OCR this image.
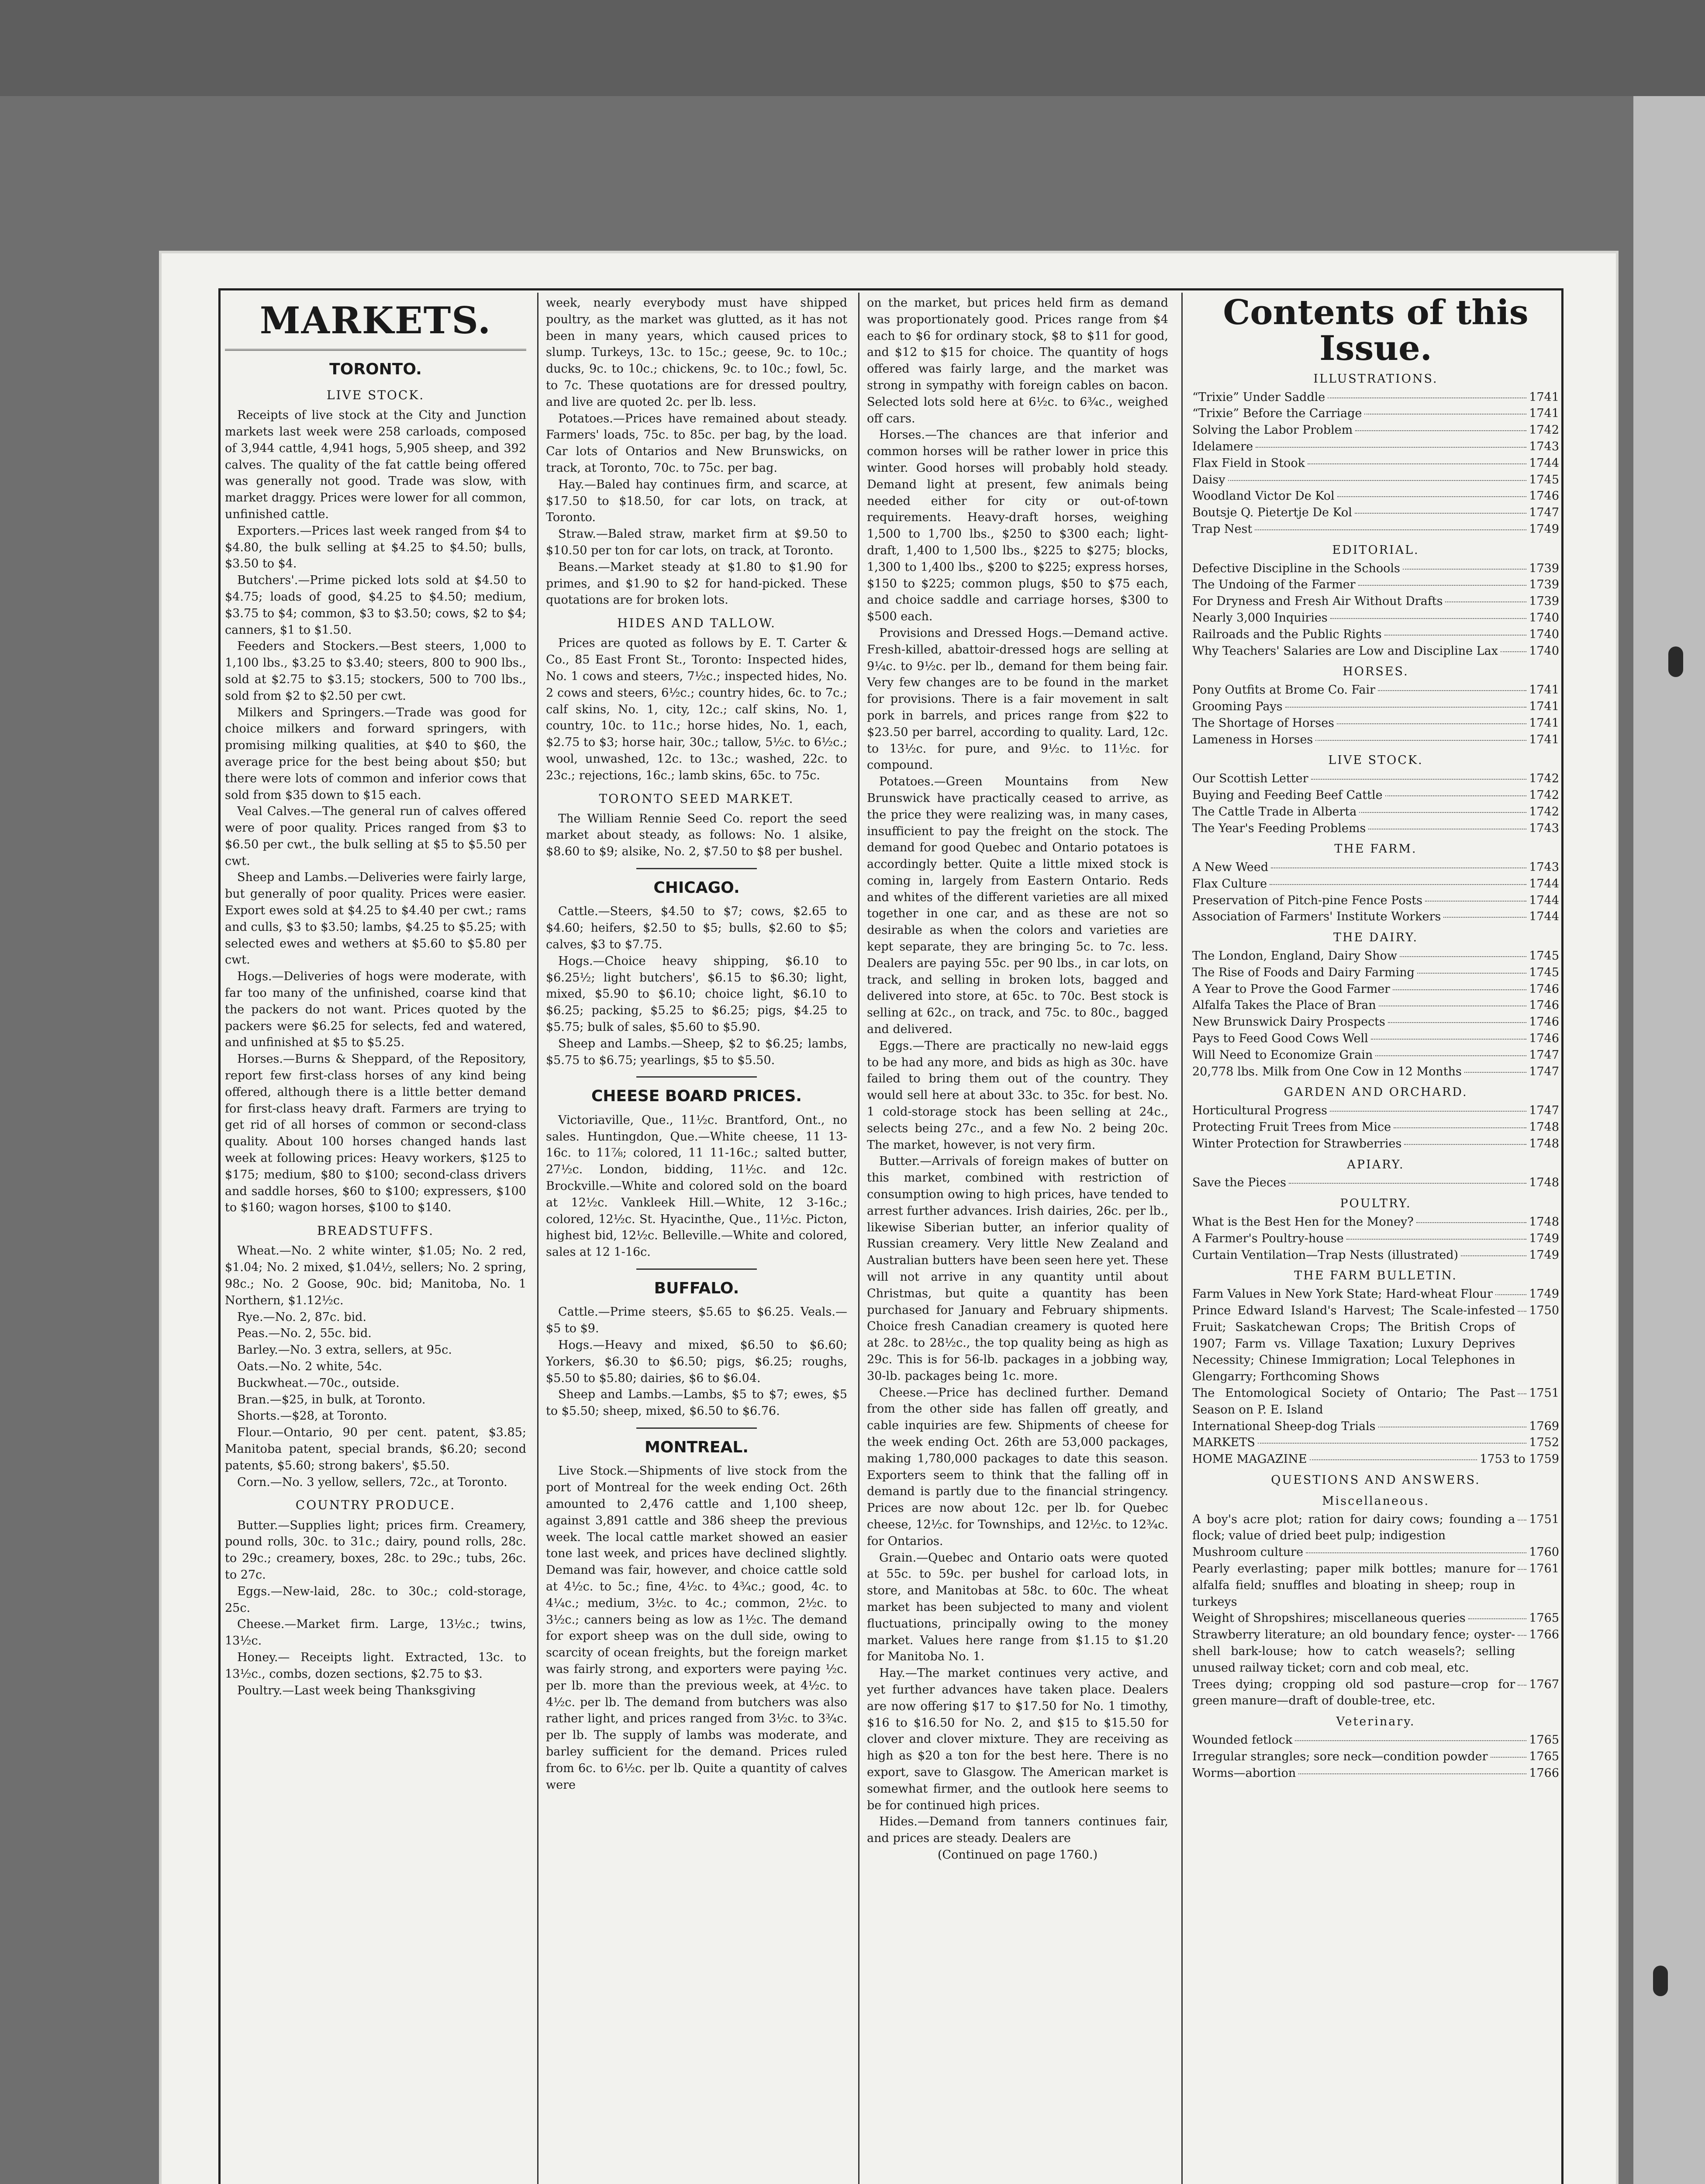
MARKETS.
TORONTO.
LIVE STOCK.

Receipts of live stock at the City and Junction markets last week were 258 carloads, composed of 3,944 cattle, 4,941 hogs, 5,905 sheep, and 392 calves. The quality of the fat cattle being offered was generally not good. Trade was slow, with market draggy. Prices were lower for all common, unfinished cattle.

Exporters.—Prices last week ranged from $4 to $4.80, the bulk selling at $4.25 to $4.50; bulls, $3.50 to $4.

Butchers'.—Prime picked lots sold at $4.50 to $4.75; loads of good, $4.25 to $4.50; medium, $3.75 to $4; common, $3 to $3.50; cows, $2 to $4; canners, $1 to $1.50.

Feeders and Stockers.—Best steers, 1,000 to 1,100 lbs., $3.25 to $3.40; steers, 800 to 900 lbs., sold at $2.75 to $3.15; stockers, 500 to 700 lbs., sold from $2 to $2.50 per cwt.

Milkers and Springers.—Trade was good for choice milkers and forward springers, with promising milking qualities, at $40 to $60, the average price for the best being about $50; but there were lots of common and inferior cows that sold from $35 down to $15 each.

Veal Calves.—The general run of calves offered were of poor quality. Prices ranged from $3 to $6.50 per cwt., the bulk selling at $5 to $5.50 per cwt.

Sheep and Lambs.—Deliveries were fairly large, but generally of poor quality. Prices were easier. Export ewes sold at $4.25 to $4.40 per cwt.; rams and culls, $3 to $3.50; lambs, $4.25 to $5.25; with selected ewes and wethers at $5.60 to $5.80 per cwt.

Hogs.—Deliveries of hogs were moderate, with far too many of the unfinished, coarse kind that the packers do not want. Prices quoted by the packers were $6.25 for selects, fed and watered, and unfinished at $5 to $5.25.

Horses.—Burns & Sheppard, of the Repository, report few first-class horses of any kind being offered, although there is a little better demand for first-class heavy draft. Farmers are trying to get rid of all horses of common or second-class quality. About 100 horses changed hands last week at following prices: Heavy workers, $125 to $175; medium, $80 to $100; second-class drivers and saddle horses, $60 to $100; expressers, $100 to $160; wagon horses, $100 to $140.

BREADSTUFFS.

Wheat.—No. 2 white winter, $1.05; No. 2 red, $1.04; No. 2 mixed, $1.04½, sellers; No. 2 spring, 98c.; No. 2 Goose, 90c. bid; Manitoba, No. 1 Northern, $1.12½c.

Rye.—No. 2, 87c. bid.

Peas.—No. 2, 55c. bid.

Barley.—No. 3 extra, sellers, at 95c.

Oats.—No. 2 white, 54c.

Buckwheat.—70c., outside.

Bran.—$25, in bulk, at Toronto.

Shorts.—$28, at Toronto.

Flour.—Ontario, 90 per cent. patent, $3.85; Manitoba patent, special brands, $6.20; second patents, $5.60; strong bakers', $5.50.

Corn.—No. 3 yellow, sellers, 72c., at Toronto.

COUNTRY PRODUCE.

Butter.—Supplies light; prices firm. Creamery, pound rolls, 30c. to 31c.; dairy, pound rolls, 28c. to 29c.; creamery, boxes, 28c. to 29c.; tubs, 26c. to 27c.

Eggs.—New-laid, 28c. to 30c.; cold-storage, 25c.

Cheese.—Market firm. Large, 13½c.; twins, 13½c.

Honey.— Receipts light. Extracted, 13c. to 13½c., combs, dozen sections, $2.75 to $3.

Poultry.—Last week being Thanksgiving

week, nearly everybody must have shipped poultry, as the market was glutted, as it has not been in many years, which caused prices to slump. Turkeys, 13c. to 15c.; geese, 9c. to 10c.; ducks, 9c. to 10c.; chickens, 9c. to 10c.; fowl, 5c. to 7c. These quotations are for dressed poultry, and live are quoted 2c. per lb. less.

Potatoes.—Prices have remained about steady. Farmers' loads, 75c. to 85c. per bag, by the load. Car lots of Ontarios and New Brunswicks, on track, at Toronto, 70c. to 75c. per bag.

Hay.—Baled hay continues firm, and scarce, at $17.50 to $18.50, for car lots, on track, at Toronto.

Straw.—Baled straw, market firm at $9.50 to $10.50 per ton for car lots, on track, at Toronto.

Beans.—Market steady at $1.80 to $1.90 for primes, and $1.90 to $2 for hand-picked. These quotations are for broken lots.

HIDES AND TALLOW.

Prices are quoted as follows by E. T. Carter & Co., 85 East Front St., Toronto: Inspected hides, No. 1 cows and steers, 7½c.; inspected hides, No. 2 cows and steers, 6½c.; country hides, 6c. to 7c.; calf skins, No. 1, city, 12c.; calf skins, No. 1, country, 10c. to 11c.; horse hides, No. 1, each, $2.75 to $3; horse hair, 30c.; tallow, 5½c. to 6½c.; wool, unwashed, 12c. to 13c.; washed, 22c. to 23c.; rejections, 16c.; lamb skins, 65c. to 75c.

TORONTO SEED MARKET.

The William Rennie Seed Co. report the seed market about steady, as follows: No. 1 alsike, $8.60 to $9; alsike, No. 2, $7.50 to $8 per bushel.

CHICAGO.

Cattle.—Steers, $4.50 to $7; cows, $2.65 to $4.60; heifers, $2.50 to $5; bulls, $2.60 to $5; calves, $3 to $7.75.

Hogs.—Choice heavy shipping, $6.10 to $6.25½; light butchers', $6.15 to $6.30; light, mixed, $5.90 to $6.10; choice light, $6.10 to $6.25; packing, $5.25 to $6.25; pigs, $4.25 to $5.75; bulk of sales, $5.60 to $5.90.

Sheep and Lambs.—Sheep, $2 to $6.25; lambs, $5.75 to $6.75; yearlings, $5 to $5.50.

CHEESE BOARD PRICES.

Victoriaville, Que., 11½c. Brantford, Ont., no sales. Huntingdon, Que.—White cheese, 11 13-16c. to 11⅞; colored, 11 11-16c.; salted butter, 27½c. London, bidding, 11½c. and 12c. Brockville.—White and colored sold on the board at 12½c. Vankleek Hill.—White, 12 3-16c.; colored, 12½c. St. Hyacinthe, Que., 11½c. Picton, highest bid, 12½c. Belleville.—White and colored, sales at 12 1-16c.

BUFFALO.

Cattle.—Prime steers, $5.65 to $6.25. Veals.—$5 to $9.

Hogs.—Heavy and mixed, $6.50 to $6.60; Yorkers, $6.30 to $6.50; pigs, $6.25; roughs, $5.50 to $5.80; dairies, $6 to $6.04.

Sheep and Lambs.—Lambs, $5 to $7; ewes, $5 to $5.50; sheep, mixed, $6.50 to $6.76.

MONTREAL.

Live Stock.—Shipments of live stock from the port of Montreal for the week ending Oct. 26th amounted to 2,476 cattle and 1,100 sheep, against 3,891 cattle and 386 sheep the previous week. The local cattle market showed an easier tone last week, and prices have declined slightly. Demand was fair, however, and choice cattle sold at 4½c. to 5c.; fine, 4½c. to 4¾c.; good, 4c. to 4¼c.; medium, 3½c. to 4c.; common, 2½c. to 3½c.; canners being as low as 1½c. The demand for export sheep was on the dull side, owing to scarcity of ocean freights, but the foreign market was fairly strong, and exporters were paying ½c. per lb. more than the previous week, at 4½c. to 4½c. per lb. The demand from butchers was also rather light, and prices ranged from 3½c. to 3¾c. per lb. The supply of lambs was moderate, and barley sufficient for the demand. Prices ruled from 6c. to 6½c. per lb. Quite a quantity of calves were

on the market, but prices held firm as demand was proportionately good. Prices range from $4 each to $6 for ordinary stock, $8 to $11 for good, and $12 to $15 for choice. The quantity of hogs offered was fairly large, and the market was strong in sympathy with foreign cables on bacon. Selected lots sold here at 6½c. to 6¾c., weighed off cars.

Horses.—The chances are that inferior and common horses will be rather lower in price this winter. Good horses will probably hold steady. Demand light at present, few animals being needed either for city or out-of-town requirements. Heavy-draft horses, weighing 1,500 to 1,700 lbs., $250 to $300 each; light-draft, 1,400 to 1,500 lbs., $225 to $275; blocks, 1,300 to 1,400 lbs., $200 to $225; express horses, $150 to $225; common plugs, $50 to $75 each, and choice saddle and carriage horses, $300 to $500 each.

Provisions and Dressed Hogs.—Demand active. Fresh-killed, abattoir-dressed hogs are selling at 9¼c. to 9½c. per lb., demand for them being fair. Very few changes are to be found in the market for provisions. There is a fair movement in salt pork in barrels, and prices range from $22 to $23.50 per barrel, according to quality. Lard, 12c. to 13½c. for pure, and 9½c. to 11½c. for compound.

Potatoes.—Green Mountains from New Brunswick have practically ceased to arrive, as the price they were realizing was, in many cases, insufficient to pay the freight on the stock. The demand for good Quebec and Ontario potatoes is accordingly better. Quite a little mixed stock is coming in, largely from Eastern Ontario. Reds and whites of the different varieties are all mixed together in one car, and as these are not so desirable as when the colors and varieties are kept separate, they are bringing 5c. to 7c. less. Dealers are paying 55c. per 90 lbs., in car lots, on track, and selling in broken lots, bagged and delivered into store, at 65c. to 70c. Best stock is selling at 62c., on track, and 75c. to 80c., bagged and delivered.

Eggs.—There are practically no new-laid eggs to be had any more, and bids as high as 30c. have failed to bring them out of the country. They would sell here at about 33c. to 35c. for best. No. 1 cold-storage stock has been selling at 24c., selects being 27c., and a few No. 2 being 20c. The market, however, is not very firm.

Butter.—Arrivals of foreign makes of butter on this market, combined with restriction of consumption owing to high prices, have tended to arrest further advances. Irish dairies, 26c. per lb., likewise Siberian butter, an inferior quality of Russian creamery. Very little New Zealand and Australian butters have been seen here yet. These will not arrive in any quantity until about Christmas, but quite a quantity has been purchased for January and February shipments. Choice fresh Canadian creamery is quoted here at 28c. to 28½c., the top quality being as high as 29c. This is for 56-lb. packages in a jobbing way, 30-lb. packages being 1c. more.

Cheese.—Price has declined further. Demand from the other side has fallen off greatly, and cable inquiries are few. Shipments of cheese for the week ending Oct. 26th are 53,000 packages, making 1,780,000 packages to date this season. Exporters seem to think that the falling off in demand is partly due to the financial stringency. Prices are now about 12c. per lb. for Quebec cheese, 12½c. for Townships, and 12½c. to 12¾c. for Ontarios.

Grain.—Quebec and Ontario oats were quoted at 55c. to 59c. per bushel for carload lots, in store, and Manitobas at 58c. to 60c. The wheat market has been subjected to many and violent fluctuations, principally owing to the money market. Values here range from $1.15 to $1.20 for Manitoba No. 1.

Hay.—The market continues very active, and yet further advances have taken place. Dealers are now offering $17 to $17.50 for No. 1 timothy, $16 to $16.50 for No. 2, and $15 to $15.50 for clover and clover mixture. They are receiving as high as $20 a ton for the best here. There is no export, save to Glasgow. The American market is somewhat firmer, and the outlook here seems to be for continued high prices.

Hides.—Demand from tanners continues fair, and prices are steady. Dealers are

(Continued on page 1760.)

Contents of this Issue.
ILLUSTRATIONS.
“Trixie” Under Saddle	1741
“Trixie” Before the Carriage	1741
Solving the Labor Problem	1742
Idelamere	1743
Flax Field in Stook	1744
Daisy	1745
Woodland Victor De Kol	1746
Boutsje Q. Pietertje De Kol	1747
Trap Nest	1749
EDITORIAL.
Defective Discipline in the Schools	1739
The Undoing of the Farmer	1739
For Dryness and Fresh Air Without Drafts	1739
Nearly 3,000 Inquiries	1740
Railroads and the Public Rights	1740
Why Teachers' Salaries are Low and Discipline Lax	1740
HORSES.
Pony Outfits at Brome Co. Fair	1741
Grooming Pays	1741
The Shortage of Horses	1741
Lameness in Horses	1741
LIVE STOCK.
Our Scottish Letter	1742
Buying and Feeding Beef Cattle	1742
The Cattle Trade in Alberta	1742
The Year's Feeding Problems	1743
THE FARM.
A New Weed	1743
Flax Culture	1744
Preservation of Pitch-pine Fence Posts	1744
Association of Farmers' Institute Workers	1744
THE DAIRY.
The London, England, Dairy Show	1745
The Rise of Foods and Dairy Farming	1745
A Year to Prove the Good Farmer	1746
Alfalfa Takes the Place of Bran	1746
New Brunswick Dairy Prospects	1746
Pays to Feed Good Cows Well	1746
Will Need to Economize Grain	1747
20,778 lbs. Milk from One Cow in 12 Months	1747
GARDEN AND ORCHARD.
Horticultural Progress	1747
Protecting Fruit Trees from Mice	1748
Winter Protection for Strawberries	1748
APIARY.
Save the Pieces	1748
POULTRY.
What is the Best Hen for the Money?	1748
A Farmer's Poultry-house	1749
Curtain Ventilation—Trap Nests (illustrated)	1749
THE FARM BULLETIN.
Farm Values in New York State; Hard-wheat Flour	1749
Prince Edward Island's Harvest; The Scale-infested Fruit; Saskatchewan Crops; The British Crops of 1907; Farm vs. Village Taxation; Luxury Deprives Necessity; Chinese Immigration; Local Telephones in Glengarry; Forthcoming Shows
1750
The Entomological Society of Ontario; The Past Season on P. E. Island
1751
International Sheep-dog Trials	1769
MARKETS	1752
HOME MAGAZINE	1753 to 1759
QUESTIONS AND ANSWERS.
Miscellaneous.
A boy's acre plot; ration for dairy cows; founding a flock; value of dried beet pulp; indigestion
1751
Mushroom culture	1760
Pearly everlasting; paper milk bottles; manure for alfalfa field; snuffles and bloating in sheep; roup in turkeys
1761
Weight of Shropshires; miscellaneous queries	1765
Strawberry literature; an old boundary fence; oyster-shell bark-louse; how to catch weasels?; selling unused railway ticket; corn and cob meal, etc.
1766
Trees dying; cropping old sod pasture—crop for green manure—draft of double-tree, etc.
1767
Veterinary.
Wounded fetlock	1765
Irregular strangles; sore neck—condition powder	1765
Worms—abortion	1766
